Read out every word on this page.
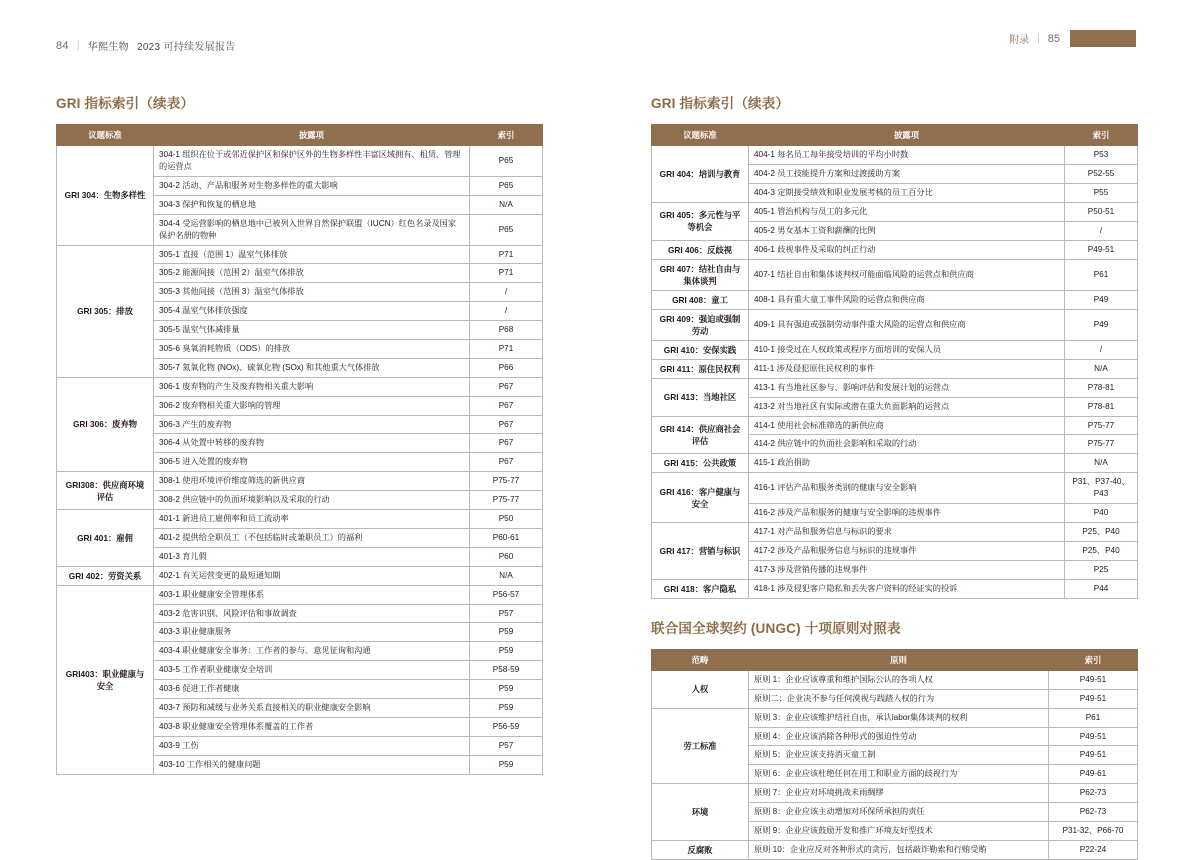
84 | 华熙生物 2023 可持续发展报告
附录 | 85
GRI 指标索引（续表）
议题标准	披露项	索引
GRI 304：生物多样性	304-1 组织在位于或邻近保护区和保护区外的生物多样性丰富区域拥有、租赁、管理的运营点	P65
	304-2 活动、产品和服务对生物多样性的重大影响	P65
	304-3 保护和恢复的栖息地	N/A
	304-4 受运营影响的栖息地中已被列入世界自然保护联盟（IUCN）红色名录及国家保护名册的物种	P65
GRI 305：排放	305-1 直接（范围 1）温室气体排放	P71
	305-2 能源间接（范围 2）温室气体排放	P71
	305-3 其他间接（范围 3）温室气体排放	/
	305-4 温室气体排放强度	/
	305-5 温室气体减排量	P68
	305-6 臭氧消耗物质（ODS）的排放	P71
	305-7 氮氧化物 (NOx)、硫氧化物 (SOx) 和其他重大气体排放	P66
GRI 306：废弃物	306-1 废弃物的产生及废弃物相关重大影响	P67
	306-2 废弃物相关重大影响的管理	P67
	306-3 产生的废弃物	P67
	306-4 从处置中转移的废弃物	P67
	306-5 进入处置的废弃物	P67
GRI308：供应商环境评估	308-1 使用环境评价维度筛选的新供应商	P75-77
	308-2 供应链中的负面环境影响以及采取的行动	P75-77
GRI 401：雇佣	401-1 新进员工雇佣率和员工流动率	P50
	401-2 提供给全职员工（不包括临时或兼职员工）的福利	P60-61
	401-3 育儿假	P60
GRI 402：劳资关系	402-1 有关运营变更的最短通知期	N/A
GRI403：职业健康与安全	403-1 职业健康安全管理体系	P56-57
	403-2 危害识别、风险评估和事故调查	P57
	403-3 职业健康服务	P59
	403-4 职业健康安全事务：工作者的参与、意见征询和沟通	P59
	403-5 工作者职业健康安全培训	P58-59
	403-6 促进工作者健康	P59
	403-7 预防和减缓与业务关系直接相关的职业健康安全影响	P59
	403-8 职业健康安全管理体系覆盖的工作者	P56-59
	403-9 工伤	P57
	403-10 工作相关的健康问题	P59
GRI 指标索引（续表）
议题标准	披露项	索引
GRI 404：培训与教育	404-1 每名员工每年接受培训的平均小时数	P53
	404-2 员工技能提升方案和过渡援助方案	P52-55
	404-3 定期接受绩效和职业发展考核的员工百分比	P55
GRI 405：多元性与平等机会	405-1 管治机构与员工的多元化	P50-51
	405-2 男女基本工资和薪酬的比例	/
GRI 406：反歧视	406-1 歧视事件及采取的纠正行动	P49-51
GRI 407：结社自由与集体谈判	407-1 结社自由和集体谈判权可能面临风险的运营点和供应商	P61
GRI 408：童工	408-1 具有重大童工事件风险的运营点和供应商	P49
GRI 409：强迫或强制劳动	409-1 具有强迫或强制劳动事件重大风险的运营点和供应商	P49
GRI 410：安保实践	410-1 接受过在人权政策或程序方面培训的安保人员	/
GRI 411：原住民权利	411-1 涉及侵犯原住民权利的事件	N/A
GRI 413：当地社区	413-1 有当地社区参与、影响评估和发展计划的运营点	P78-81
	413-2 对当地社区有实际或潜在重大负面影响的运营点	P78-81
GRI 414：供应商社会评估	414-1 使用社会标准筛选的新供应商	P75-77
	414-2 供应链中的负面社会影响和采取的行动	P75-77
GRI 415：公共政策	415-1 政治捐助	N/A
GRI 416：客户健康与安全	416-1 评估产品和服务类别的健康与安全影响	P31、P37-40、P43
	416-2 涉及产品和服务的健康与安全影响的违规事件	P40
GRI 417：营销与标识	417-1 对产品和服务信息与标识的要求	P25、P40
	417-2 涉及产品和服务信息与标识的违规事件	P25、P40
	417-3 涉及营销传播的违规事件	P25
GRI 418：客户隐私	418-1 涉及侵犯客户隐私和丢失客户资料的经证实的投诉	P44
联合国全球契约 (UNGC) 十项原则对照表
范畴	原则	索引
人权	原则 1：企业应该尊重和维护国际公认的各项人权	P49-51
	原则二：企业决不参与任何漠视与践踏人权的行为	P49-51
劳工标准	原则 3：企业应该维护结社自由，承认labor集体谈判的权利	P61
	原则 4：企业应该消除各种形式的强迫性劳动	P49-51
	原则 5：企业应该支持消灭童工制	P49-51
	原则 6：企业应该杜绝任何在用工和职业方面的歧视行为	P49-61
环境	原则 7：企业应对环境挑战未雨绸缪	P62-73
	原则 8：企业应该主动增加对环保所承担的责任	P62-73
	原则 9：企业应该鼓励开发和推广环境友好型技术	P31-32、P66-70
反腐败	原则 10：企业应反对各种形式的贪污，包括敲诈勒索和行贿受贿	P22-24
